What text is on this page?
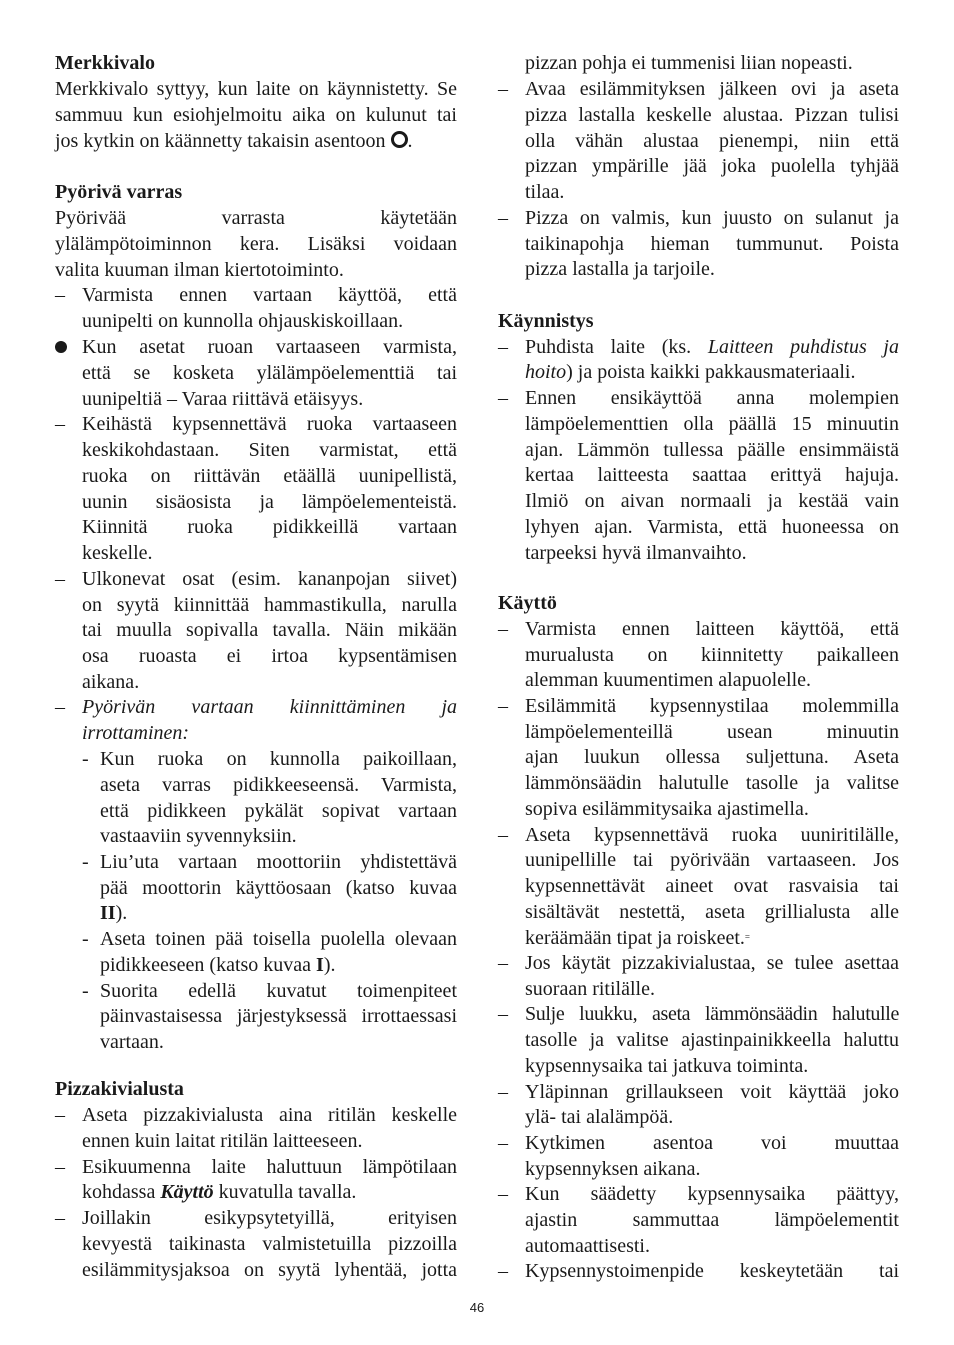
Merkkivalo
Merkkivalo syttyy, kun laite on käynnistetty. Se
sammuu kun esiohjelmoitu aika on kulunut tai
jos kytkin on käännetty takaisin asentoon .
Pyörivä varras
Pyörivää varrasta käytetään
ylälämpötoiminnon kera. Lisäksi voidaan
valita kuuman ilman kiertotoiminto.
– Varmista ennen vartaan käyttöä, että
uunipelti on kunnolla ohjauskiskoillaan.
Kun asetat ruoan vartaaseen varmista,
että se kosketa ylälämpöelementtiä tai
uunipeltiä – Varaa riittävä etäisyys.
– Keihästä kypsennettävä ruoka vartaaseen
keskikohdastaan. Siten varmistat, että
ruoka on riittävän etäällä uunipellistä,
uunin sisäosista ja lämpöelementeistä.
Kiinnitä ruoka pidikkeillä vartaan
keskelle.
– Ulkonevat osat (esim. kananpojan siivet)
on syytä kiinnittää hammastikulla, narulla
tai muulla sopivalla tavalla. Näin mikään
osa ruoasta ei irtoa kypsentämisen
aikana.
– Pyörivän vartaan kiinnittäminen ja
irrottaminen:
- Kun ruoka on kunnolla paikoillaan,
aseta varras pidikkeeseensä. Varmista,
että pidikkeen pykälät sopivat vartaan
vastaaviin syvennyksiin.
- Liu’uta vartaan moottoriin yhdistettävä
pää moottorin käyttöosaan (katso kuvaa
II).
- Aseta toinen pää toisella puolella olevaan
pidikkeeseen (katso kuvaa I).
- Suorita edellä kuvatut toimenpiteet
päinvastaisessa järjestyksessä irrottaessasi
vartaan.
Pizzakivialusta
– Aseta pizzakivialusta aina ritilän keskelle
ennen kuin laitat ritilän laitteeseen.
– Esikuumenna laite haluttuun lämpötilaan
kohdassa Käyttö kuvatulla tavalla.
– Joillakin esikypsytetyillä, erityisen
kevyestä taikinasta valmistetuilla pizzoilla
esilämmitysjaksoa on syytä lyhentää, jotta
pizzan pohja ei tummenisi liian nopeasti.
– Avaa esilämmityksen jälkeen ovi ja aseta
pizza lastalla keskelle alustaa. Pizzan tulisi
olla vähän alustaa pienempi, niin että
pizzan ympärille jää joka puolella tyhjää
tilaa.
– Pizza on valmis, kun juusto on sulanut ja
taikinapohja hieman tummunut. Poista
pizza lastalla ja tarjoile.
Käynnistys
– Puhdista laite (ks. Laitteen puhdistus ja
hoito) ja poista kaikki pakkausmateriaali.
– Ennen ensikäyttöä anna molempien
lämpöelementtien olla päällä 15 minuutin
ajan. Lämmön tullessa päälle ensimmäistä
kertaa laitteesta saattaa erittyä hajuja.
Ilmiö on aivan normaali ja kestää vain
lyhyen ajan. Varmista, että huoneessa on
tarpeeksi hyvä ilmanvaihto.
Käyttö
– Varmista ennen laitteen käyttöä, että
murualusta on kiinnitetty paikalleen
alemman kuumentimen alapuolelle.
– Esilämmitä kypsennystilaa molemmilla
lämpöelementeillä usean minuutin
ajan luukun ollessa suljettuna. Aseta
lämmönsäädin halutulle tasolle ja valitse
sopiva esilämmitysaika ajastimella.
– Aseta kypsennettävä ruoka uuniritilälle,
uunipellille tai pyörivään vartaaseen. Jos
kypsennettävät aineet ovat rasvaisia tai
sisältävät nestettä, aseta grillialusta alle
keräämään tipat ja roiskeet.=
– Jos käytät pizzakivialustaa, se tulee asettaa
suoraan ritilälle.
– Sulje luukku, aseta lämmönsäädin halutulle
tasolle ja valitse ajastinpainikkeella haluttu
kypsennysaika tai jatkuva toiminta.
– Yläpinnan grillaukseen voit käyttää joko
ylä- tai alalämpöä.
– Kytkimen asentoa voi muuttaa
kypsennyksen aikana.
– Kun säädetty kypsennysaika päättyy,
ajastin sammuttaa lämpöelementit
automaattisesti.
– Kypsennystoimenpide keskeytetään tai
46
